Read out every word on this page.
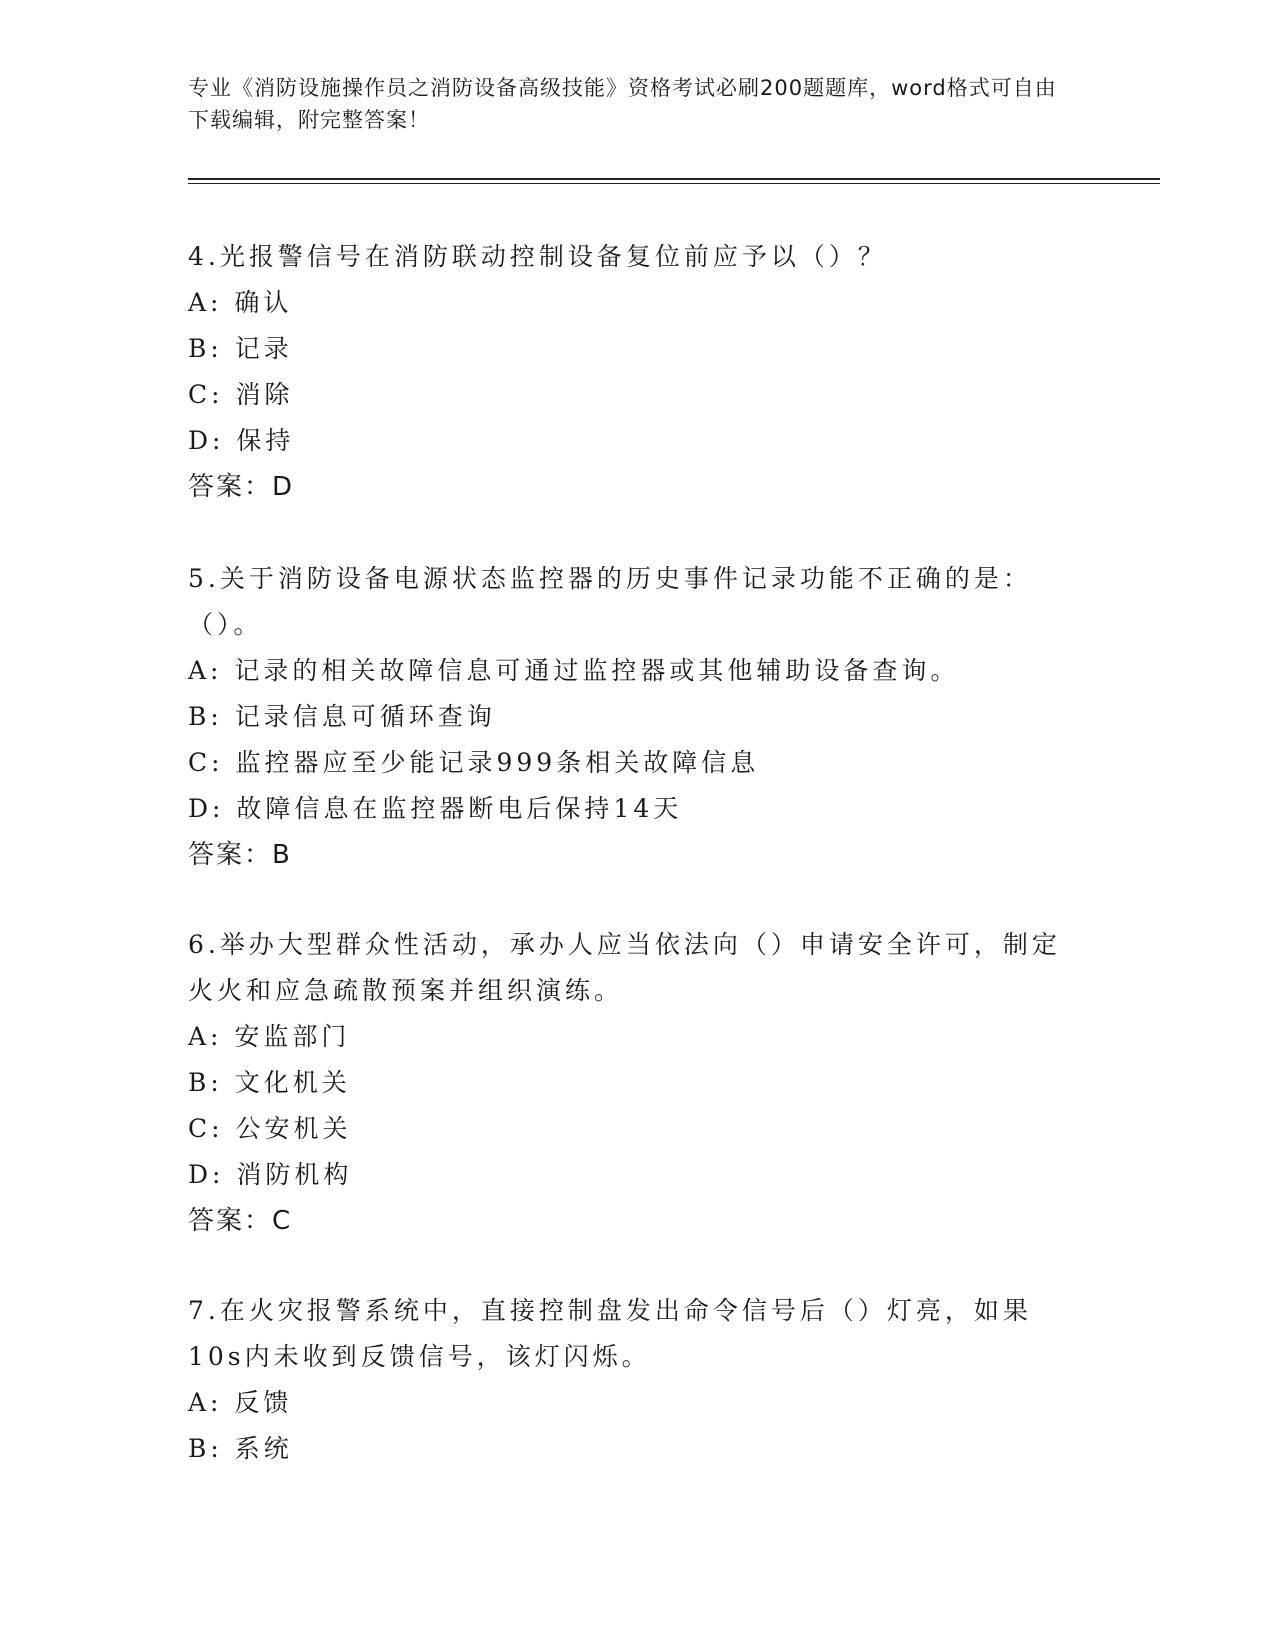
专业《消防设施操作员之消防设备高级技能》资格考试必刷200题题库，word格式可自由下载编辑，附完整答案！

4.光报警信号在消防联动控制设备复位前应予以（）？

A: 确认

B: 记录

C: 消除

D: 保持

答案：D

5.关于消防设备电源状态监控器的历史事件记录功能不正确的是：（）。

A: 记录的相关故障信息可通过监控器或其他辅助设备查询。

B: 记录信息可循环查询

C: 监控器应至少能记录999条相关故障信息

D: 故障信息在监控器断电后保持14天

答案：B

6.举办大型群众性活动，承办人应当依法向（）申请安全许可，制定火火和应急疏散预案并组织演练。

A: 安监部门

B: 文化机关

C: 公安机关

D: 消防机构

答案：C

7.在火灾报警系统中，直接控制盘发出命令信号后（）灯亮，如果10s内未收到反馈信号，该灯闪烁。

A: 反馈

B: 系统
